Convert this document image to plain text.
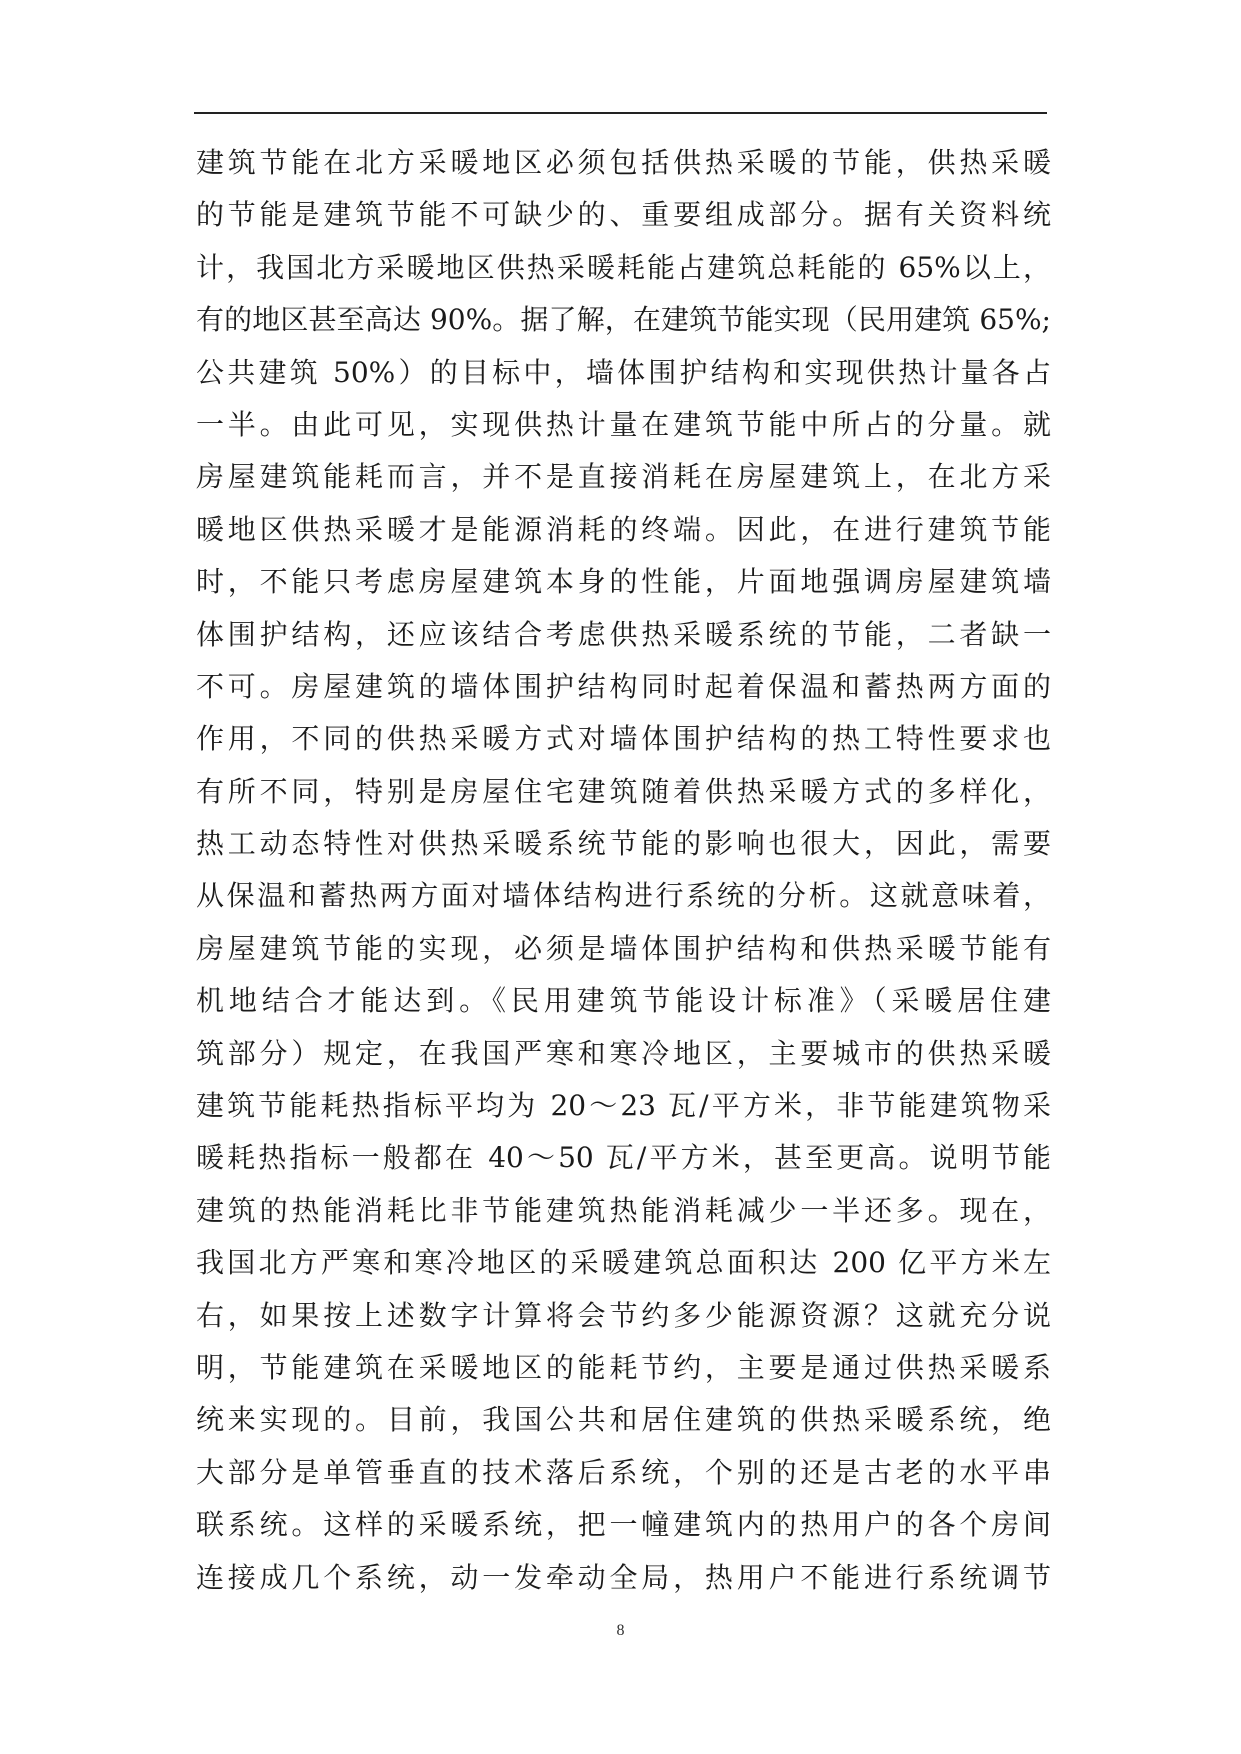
建筑节能在北方采暖地区必须包括供热采暖的节能，供热采暖
的节能是建筑节能不可缺少的、重要组成部分。据有关资料统
计，我国北方采暖地区供热采暖耗能占建筑总耗能的 65%以上，
有的地区甚至高达 90%。据了解，在建筑节能实现（民用建筑 65%;
公共建筑 50%）的目标中，墙体围护结构和实现供热计量各占
一半。由此可见，实现供热计量在建筑节能中所占的分量。就
房屋建筑能耗而言，并不是直接消耗在房屋建筑上，在北方采
暖地区供热采暖才是能源消耗的终端。因此，在进行建筑节能
时，不能只考虑房屋建筑本身的性能，片面地强调房屋建筑墙
体围护结构，还应该结合考虑供热采暖系统的节能，二者缺一
不可。房屋建筑的墙体围护结构同时起着保温和蓄热两方面的
作用，不同的供热采暖方式对墙体围护结构的热工特性要求也
有所不同，特别是房屋住宅建筑随着供热采暖方式的多样化，
热工动态特性对供热采暖系统节能的影响也很大，因此，需要
从保温和蓄热两方面对墙体结构进行系统的分析。这就意味着，
房屋建筑节能的实现，必须是墙体围护结构和供热采暖节能有
机地结合才能达到。《民用建筑节能设计标准》（采暖居住建
筑部分）规定，在我国严寒和寒冷地区，主要城市的供热采暖
建筑节能耗热指标平均为 20～23 瓦/平方米，非节能建筑物采
暖耗热指标一般都在 40～50 瓦/平方米，甚至更高。说明节能
建筑的热能消耗比非节能建筑热能消耗减少一半还多。现在，
我国北方严寒和寒冷地区的采暖建筑总面积达 200 亿平方米左
右，如果按上述数字计算将会节约多少能源资源？这就充分说
明，节能建筑在采暖地区的能耗节约，主要是通过供热采暖系
统来实现的。目前，我国公共和居住建筑的供热采暖系统，绝
大部分是单管垂直的技术落后系统，个别的还是古老的水平串
联系统。这样的采暖系统，把一幢建筑内的热用户的各个房间
连接成几个系统，动一发牵动全局，热用户不能进行系统调节
8
